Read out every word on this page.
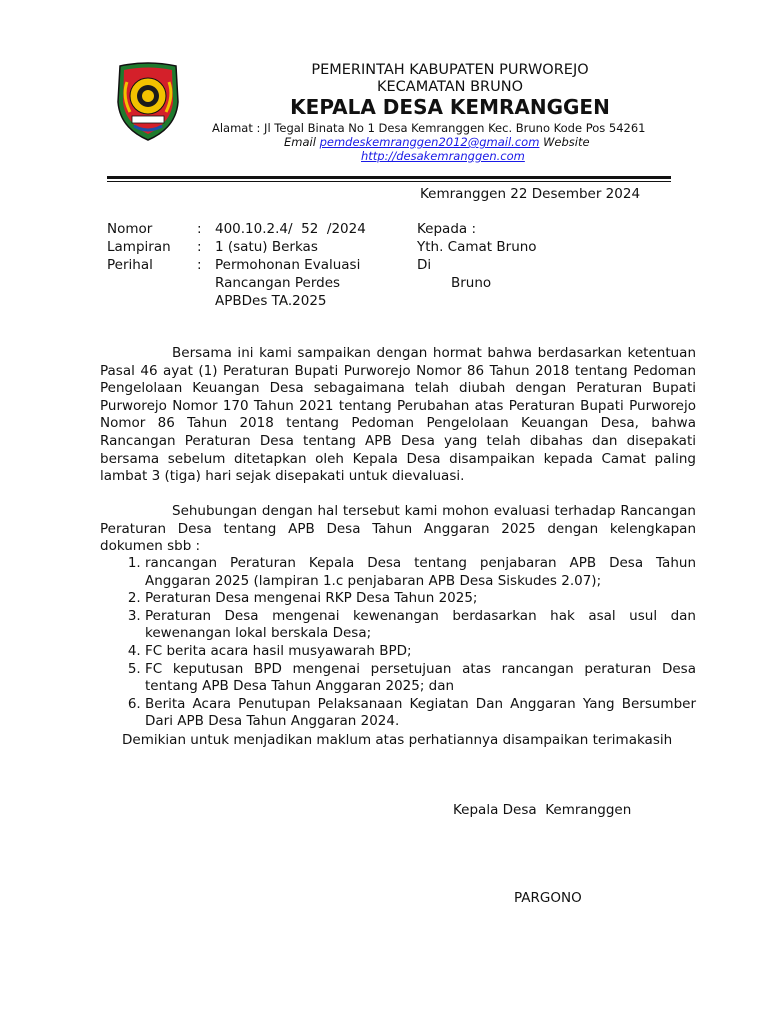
PEMERINTAH KABUPATEN PURWOREJO
KECAMATAN BRUNO
KEPALA DESA KEMRANGGEN
Alamat : Jl Tegal Binata No 1 Desa Kemranggen Kec. Bruno Kode Pos 54261
Email pemdeskemranggen2012@gmail.com Website
http://desakemranggen.com
Kemranggen 22 Desember 2024
Nomor	: 400.10.2.4/  52  /2024
Lampiran : 1 (satu) Berkas
Perihal	: Permohonan Evaluasi
Rancangan Perdes
APBDes TA.2025
Kepada :
Yth. Camat Bruno
Di
Bruno
Bersama ini kami sampaikan dengan hormat bahwa berdasarkan ketentuan Pasal 46 ayat (1) Peraturan Bupati Purworejo Nomor 86 Tahun 2018 tentang Pedoman Pengelolaan Keuangan Desa sebagaimana telah diubah dengan Peraturan Bupati Purworejo Nomor 170 Tahun 2021 tentang Perubahan atas Peraturan Bupati Purworejo Nomor 86 Tahun 2018 tentang Pedoman Pengelolaan Keuangan Desa, bahwa Rancangan Peraturan Desa tentang APB Desa yang telah dibahas dan disepakati bersama sebelum ditetapkan oleh Kepala Desa disampaikan kepada Camat paling lambat 3 (tiga) hari sejak disepakati untuk dievaluasi.
Sehubungan dengan hal tersebut kami mohon evaluasi terhadap Rancangan Peraturan Desa tentang APB Desa Tahun Anggaran 2025 dengan kelengkapan dokumen sbb :
1. rancangan Peraturan Kepala Desa tentang penjabaran APB Desa Tahun Anggaran 2025 (lampiran 1.c penjabaran APB Desa Siskudes 2.07);
2. Peraturan Desa mengenai RKP Desa Tahun 2025;
3. Peraturan Desa mengenai kewenangan berdasarkan hak asal usul dan kewenangan lokal berskala Desa;
4. FC berita acara hasil musyawarah BPD;
5. FC keputusan BPD mengenai persetujuan atas rancangan peraturan Desa tentang APB Desa Tahun Anggaran 2025; dan
6. Berita Acara Penutupan Pelaksanaan Kegiatan Dan Anggaran Yang Bersumber Dari APB Desa Tahun Anggaran 2024.
Demikian untuk menjadikan maklum atas perhatiannya disampaikan terimakasih
Kepala Desa  Kemranggen
PARGONO
